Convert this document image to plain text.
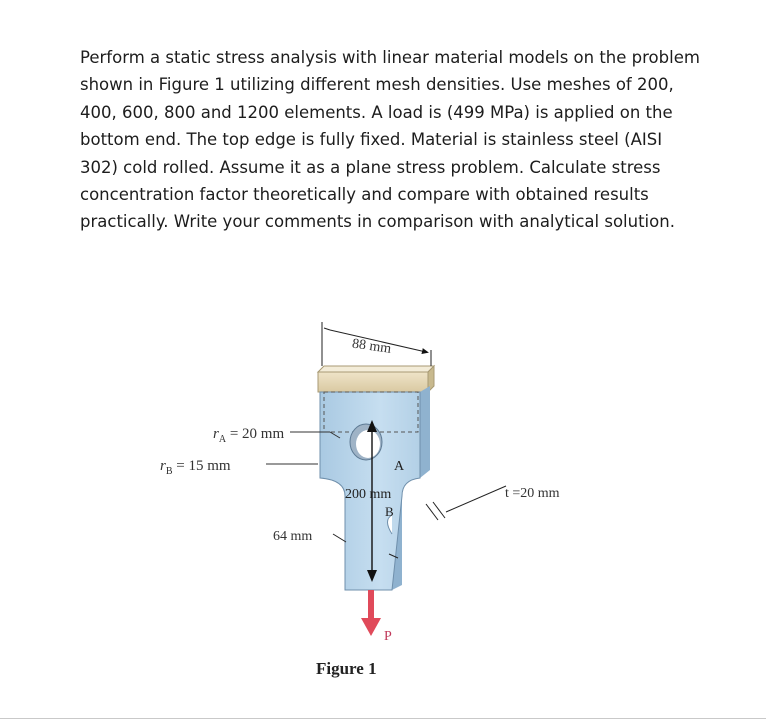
Perform a static stress analysis with linear material models on the problem shown in Figure 1 utilizing different mesh densities. Use meshes of 200, 400, 600, 800 and 1200 elements. A load is (499 MPa) is applied on the bottom end. The top edge is fully fixed. Material is stainless steel (AISI 302) cold rolled. Assume it as a plane stress problem. Calculate stress concentration factor theoretically and compare with obtained results practically. Write your comments in comparison with analytical solution.

88 mm
$r_A = 20$ mm
$r_B = 15$ mm	A
B
200 mm
64 mm
t =20 mm
P
Figure 1
